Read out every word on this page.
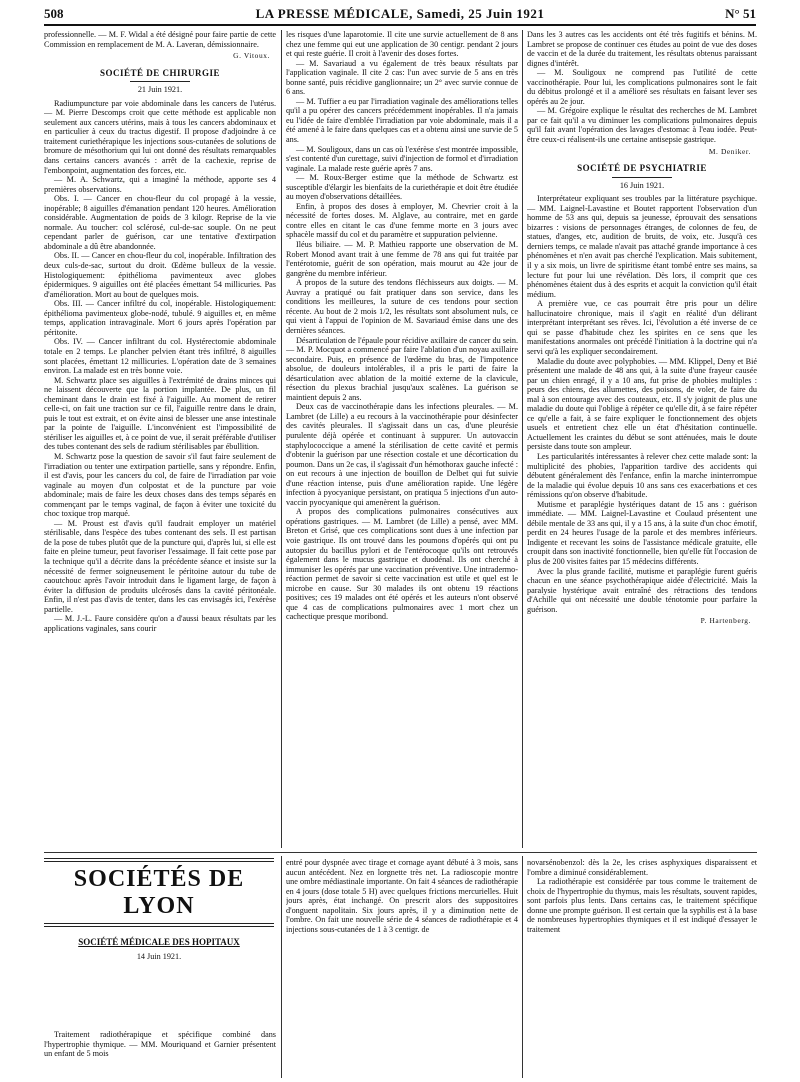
508	LA PRESSE MÉDICALE, Samedi, 25 Juin 1921	N° 51

professionnelle. — M. F. Widal a été désigné pour faire partie de cette Commission en remplacement de M. A. Laveran, démissionnaire.

G. Vitoux.
SOCIÉTÉ DE CHIRURGIE
21 Juin 1921.

Radiumpuncture par voie abdominale dans les cancers de l'utérus. — M. Pierre Descomps croit que cette méthode est applicable non seulement aux cancers utérins, mais à tous les cancers abdominaux et en particulier à ceux du tractus digestif. Il propose d'adjoindre à ce traitement curiethérapique les injections sous-cutanées de solutions de bromure de mésothorium qui lui ont donné des résultats remarquables dans certains cancers avancés : arrêt de la cachexie, reprise de l'embonpoint, augmentation des forces, etc.

— M. A. Schwartz, qui a imaginé la méthode, apporte ses 4 premières observations.

Obs. I. — Cancer en chou-fleur du col propagé à la vessie, inopérable; 8 aiguilles d'émanation pendant 120 heures. Amélioration considérable. Augmentation de poids de 3 kilogr. Reprise de la vie normale. Au toucher: col sclérosé, cul-de-sac souple. On ne peut cependant parler de guérison, car une tentative d'extirpation abdominale a dû être abandonnée.

Obs. II. — Cancer en chou-fleur du col, inopérable. Infiltration des deux culs-de-sac, surtout du droit. Œdème bulleux de la vessie. Histologiquement: épithélioma pavimenteux avec globes épidermiques. 9 aiguilles ont été placées émettant 54 millicuries. Pas d'amélioration. Mort au bout de quelques mois.

Obs. III. — Cancer infiltré du col, inopérable. Histologiquement: épithélioma pavimenteux globe-nodé, tubulé. 9 aiguilles et, en même temps, application intravaginale. Mort 6 jours après l'opération par péritonite.

Obs. IV. — Cancer infiltrant du col. Hystérectomie abdominale totale en 2 temps. Le plancher pelvien étant très infiltré, 8 aiguilles sont placées, émettant 12 millicuries. L'opération date de 3 semaines environ. La malade est en très bonne voie.

M. Schwartz place ses aiguilles à l'extrémité de drains minces qui ne laissent découverte que la portion implantée. De plus, un fil cheminant dans le drain est fixé à l'aiguille. Au moment de retirer celle-ci, on fait une traction sur ce fil, l'aiguille rentre dans le drain, puis le tout est extrait, et on évite ainsi de blesser une anse intestinale par la pointe de l'aiguille. L'inconvénient est l'impossibilité de stériliser les aiguilles et, à ce point de vue, il serait préférable d'utiliser des tubes contenant des sels de radium stérilisables par ébullition.

M. Schwartz pose la question de savoir s'il faut faire seulement de l'irradiation ou tenter une extirpation partielle, sans y répondre. Enfin, il est d'avis, pour les cancers du col, de faire de l'irradiation par voie vaginale au moyen d'un colpostat et de la puncture par voie abdominale; mais de faire les deux choses dans des temps séparés en commençant par le temps vaginal, de façon à éviter une toxicité du choc toxique trop marqué.

— M. Proust est d'avis qu'il faudrait employer un matériel stérilisable, dans l'espèce des tubes contenant des sels. Il est partisan de la pose de tubes plutôt que de la puncture qui, d'après lui, si elle est faite en pleine tumeur, peut favoriser l'essaimage. Il fait cette pose par la technique qu'il a décrite dans la précédente séance et insiste sur la nécessité de fermer soigneusement le péritoine autour du tube de caoutchouc après l'avoir introduit dans le ligament large, de façon à éviter la diffusion de produits ulcérosés dans la cavité péritonéale. Enfin, il n'est pas d'avis de tenter, dans les cas envisagés ici, l'exérèse partielle.

— M. J.-L. Faure considère qu'on a d'aussi beaux résultats par les applications vaginales, sans courir

les risques d'une laparotomie. Il cite une survie actuellement de 8 ans chez une femme qui eut une application de 30 centigr. pendant 2 jours et qui reste guérie. Il croit à l'avenir des doses fortes.

— M. Savariaud a vu également de très beaux résultats par l'application vaginale. Il cite 2 cas: l'un avec survie de 5 ans en très bonne santé, puis récidive ganglionnaire; un 2° avec survie connue de 6 ans.

— M. Tuffier a eu par l'irradiation vaginale des améliorations telles qu'il a pu opérer des cancers précédemment inopérables. Il n'a jamais eu l'idée de faire d'emblée l'irradiation par voie abdominale, mais il a été amené à le faire dans quelques cas et a obtenu ainsi une survie de 5 ans.

— M. Souligoux, dans un cas où l'exérèse s'est montrée impossible, s'est contenté d'un curettage, suivi d'injection de formol et d'irradiation vaginale. La malade reste guérie après 7 ans.

— M. Roux-Berger estime que la méthode de Schwartz est susceptible d'élargir les bienfaits de la curiethérapie et doit être étudiée au moyen d'observations détaillées.

Enfin, à propos des doses à employer, M. Chevrier croit à la nécessité de fortes doses. M. Alglave, au contraire, met en garde contre elles en citant le cas d'une femme morte en 3 jours avec sphacèle massif du col et du paramètre et suppuration pelvienne.

Iléus biliaire. — M. P. Mathieu rapporte une observation de M. Robert Monod avant trait à une femme de 78 ans qui fut traitée par l'entérotomie, guérit de son opération, mais mourut au 42e jour de gangrène du membre inférieur.

A propos de la suture des tendons fléchisseurs aux doigts. — M. Auvray a pratiqué ou fait pratiquer dans son service, dans les conditions les meilleures, la suture de ces tendons pour section récente. Au bout de 2 mois 1/2, les résultats sont absolument nuls, ce qui vient à l'appui de l'opinion de M. Savariaud émise dans une des dernières séances.

Désarticulation de l'épaule pour récidive axillaire de cancer du sein. — M. P. Mocquot a commencé par faire l'ablation d'un noyau axillaire secondaire. Puis, en présence de l'œdème du bras, de l'impotence absolue, de douleurs intolérables, il a pris le parti de faire la désarticulation avec ablation de la moitié externe de la clavicule, résection du plexus brachial jusqu'aux scalènes. La guérison se maintient depuis 2 ans.

Deux cas de vaccinothérapie dans les infections pleurales. — M. Lambret (de Lille) a eu recours à la vaccinothérapie pour désinfecter des cavités pleurales. Il s'agissait dans un cas, d'une pleurésie purulente déjà opérée et continuant à suppurer. Un autovaccin staphylococcique a amené la stérilisation de cette cavité et permis d'obtenir la guérison par une résection costale et une décortication du poumon. Dans un 2e cas, il s'agissait d'un hémothorax gauche infecté : on eut recours à une injection de bouillon de Delbet qui fut suivie d'une réaction intense, puis d'une amélioration rapide. Une légère infection à pyocyanique persistant, on pratiqua 5 injections d'un auto-vaccin pyocyanique qui amenèrent la guérison.

A propos des complications pulmonaires consécutives aux opérations gastriques. — M. Lambret (de Lille) a pensé, avec MM. Breton et Grisé, que ces complications sont dues à une infection par voie gastrique. Ils ont trouvé dans les poumons d'opérés qui ont pu autopsier du bacillus pylori et de l'entérocoque qu'ils ont retrouvés également dans le mucus gastrique et duodénal. Ils ont cherché à immuniser les opérés par une vaccination préventive. Une intradermo-réaction permet de savoir si cette vaccination est utile et quel est le microbe en cause. Sur 30 malades ils ont obtenu 19 réactions positives; ces 19 malades ont été opérés et les auteurs n'ont observé que 4 cas de complications pulmonaires avec 1 mort chez un cachectique presque moribond.

Dans les 3 autres cas les accidents ont été très fugitifs et bénins. M. Lambret se propose de continuer ces études au point de vue des doses de vaccin et de la durée du traitement, les résultats obtenus paraissant dignes d'intérêt.

— M. Souligoux ne comprend pas l'utilité de cette vaccinothérapie. Pour lui, les complications pulmonaires sont le fait du débitus prolongé et il a amélioré ses résultats en faisant lever ses opérés au 2e jour.

— M. Grégoire explique le résultat des recherches de M. Lambret par ce fait qu'il a vu diminuer les complications pulmonaires depuis qu'il fait avant l'opération des lavages d'estomac à l'eau iodée. Peut-être ceux-ci réalisent-ils une certaine antisepsie gastrique.

M. Deniker.
SOCIÉTÉ DE PSYCHIATRIE
16 Juin 1921.

Interprétateur expliquant ses troubles par la littérature psychique. — MM. Laignel-Lavastine et Boutet rapportent l'observation d'un homme de 53 ans qui, depuis sa jeunesse, éprouvait des sensations bizarres : visions de personnages étranges, de colonnes de feu, de statues, d'anges, etc, audition de bruits, de voix, etc. Jusqu'à ces derniers temps, ce malade n'avait pas attaché grande importance à ces phénomènes et n'en avait pas cherché l'explication. Mais subitement, il y a six mois, un livre de spiritisme étant tombé entre ses mains, sa lecture fut pour lui une révélation. Dès lors, il comprit que ces phénomènes étaient dus à des esprits et acquit la conviction qu'il était médium.

A première vue, ce cas pourrait être pris pour un délire hallucinatoire chronique, mais il s'agit en réalité d'un délirant interprétant interprétant ses rêves. Ici, l'évolution a été inverse de ce qui se passe d'habitude chez les spirites en ce sens que les manifestations anormales ont précédé l'initiation à la doctrine qui n'a servi qu'à les expliquer secondairement.

Maladie du doute avec polyphobies. — MM. Klippel, Deny et Bié présentent une malade de 48 ans qui, à la suite d'une frayeur causée par un chien enragé, il y a 10 ans, fut prise de phobies multiples : peurs des chiens, des allumettes, des poisons, de voler, de faire du mal à son entourage avec des couteaux, etc. Il s'y joignit de plus une maladie du doute qui l'oblige à répéter ce qu'elle dit, à se faire répéter ce qu'elle a fait, à se faire expliquer le fonctionnement des objets usuels et entretient chez elle un état d'hésitation continuelle. Actuellement les craintes du début se sont atténuées, mais le doute persiste dans toute son ampleur.

Les particularités intéressantes à relever chez cette malade sont: la multiplicité des phobies, l'apparition tardive des accidents qui débutent généralement dès l'enfance, enfin la marche ininterrompue de la maladie qui évolue depuis 10 ans sans ces exacerbations et ces rémissions qu'on observe d'habitude.

Mutisme et paraplégie hystériques datant de 15 ans : guérison immédiate. — MM. Laignel-Lavastine et Coulaud présentent une débile mentale de 33 ans qui, il y a 15 ans, à la suite d'un choc émotif, perdit en 24 heures l'usage de la parole et des membres inférieurs. Indigente et recevant les soins de l'assistance médicale gratuite, elle croupit dans son inactivité fonctionnelle, bien qu'elle fût l'occasion de plus de 200 visites faites par 15 médecins différents.

Avec la plus grande facilité, mutisme et paraplégie furent guéris chacun en une séance psychothérapique aidée d'électricité. Mais la paralysie hystérique avait entraîné des rétractions des tendons d'Achille qui ont nécessité une double ténotomie pour parfaire la guérison.

P. Hartenberg.
SOCIÉTÉS DE LYON
SOCIÉTÉ MÉDICALE DES HOPITAUX
14 Juin 1921.

Traitement radiothérapique et spécifique combiné dans l'hypertrophie thymique. — MM. Mouriquand et Garnier présentent un enfant de 5 mois

entré pour dyspnée avec tirage et cornage ayant débuté à 3 mois, sans aucun antécédent. Nez en lorgnette très net. La radioscopie montre une ombre médiastinale importante. On fait 4 séances de radiothérapie en 4 jours (dose totale 5 H) avec quelques frictions mercurielles. Huit jours après, état inchangé. On prescrit alors des suppositoires d'onguent napolitain. Six jours après, il y a diminution nette de l'ombre. On fait une nouvelle série de 4 séances de radiothérapie et 4 injections sous-cutanées de 1 à 3 centigr. de

novarsénobenzol: dès la 2e, les crises asphyxiques disparaissent et l'ombre a diminué considérablement.

La radiothérapie est considérée par tous comme le traitement de choix de l'hypertrophie du thymus, mais les résultats, souvent rapides, sont parfois plus lents. Dans certains cas, le traitement spécifique donne une prompte guérison. Il est certain que la syphilis est à la base de nombreuses hypertrophies thymiques et il est indiqué d'essayer le traitement
